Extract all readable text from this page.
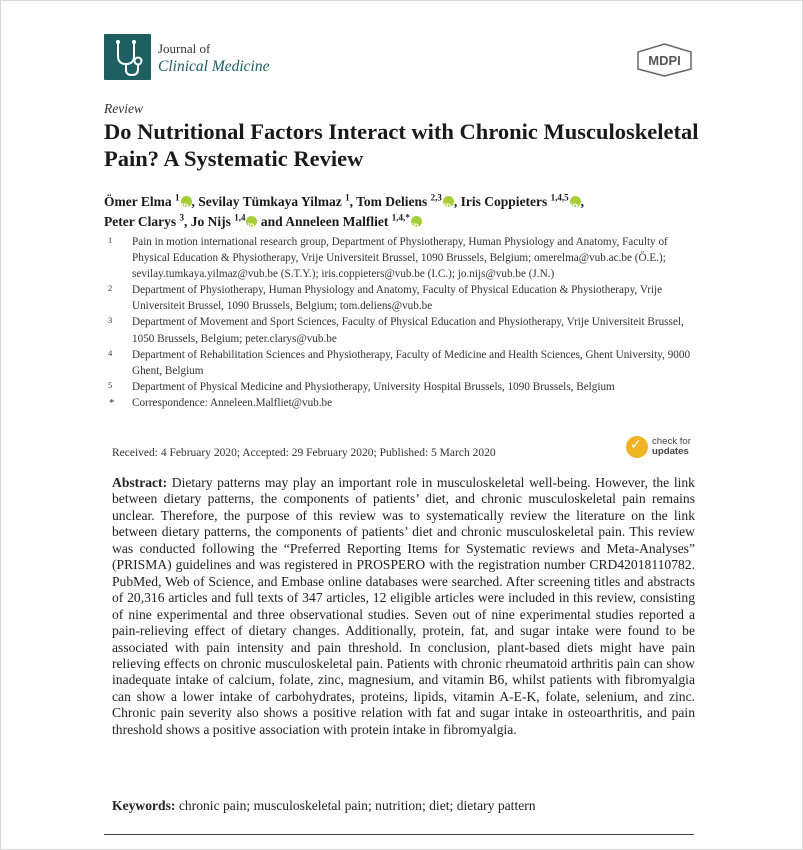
Journal of
Clinical Medicine	MDPI
Review
Do Nutritional Factors Interact with Chronic Musculoskeletal Pain? A Systematic Review
Ömer Elma $^1$ iD , Sevilay Tümkaya Yilmaz $^1$, Tom Deliens $^{2,3}$ iD , Iris Coppieters $^{1,4,5}$ iD ,
Peter Clarys $^3$, Jo Nijs $^{1,4}$iD and Anneleen Malfliet $^{1,4,*}$iD
1 Pain in motion international research group, Department of Physiotherapy, Human Physiology and Anatomy, Faculty of Physical Education & Physiotherapy, Vrije Universiteit Brussel, 1090 Brussels, Belgium; omerelma@vub.ac.be (Ö.E.); sevilay.tumkaya.yilmaz@vub.be (S.T.Y.); iris.coppieters@vub.be (I.C.); jo.nijs@vub.be (J.N.)
2 Department of Physiotherapy, Human Physiology and Anatomy, Faculty of Physical Education & Physiotherapy, Vrije Universiteit Brussel, 1090 Brussels, Belgium; tom.deliens@vub.be
3 Department of Movement and Sport Sciences, Faculty of Physical Education and Physiotherapy, Vrije Universiteit Brussel, 1050 Brussels, Belgium; peter.clarys@vub.be
4 Department of Rehabilitation Sciences and Physiotherapy, Faculty of Medicine and Health Sciences, Ghent University, 9000 Ghent, Belgium
5 Department of Physical Medicine and Physiotherapy, University Hospital Brussels, 1090 Brussels, Belgium
* Correspondence: Anneleen.Malfliet@vub.be
Received: 4 February 2020; Accepted: 29 February 2020; Published: 5 March 2020	✓ check for
updates
Abstract: Dietary patterns may play an important role in musculoskeletal well-being. However, the link between dietary patterns, the components of patients’ diet, and chronic musculoskeletal pain remains unclear. Therefore, the purpose of this review was to systematically review the literature on the link between dietary patterns, the components of patients’ diet and chronic musculoskeletal pain. This review was conducted following the “Preferred Reporting Items for Systematic reviews and Meta-Analyses” (PRISMA) guidelines and was registered in PROSPERO with the registration number CRD42018110782. PubMed, Web of Science, and Embase online databases were searched. After screening titles and abstracts of 20,316 articles and full texts of 347 articles, 12 eligible articles were included in this review, consisting of nine experimental and three observational studies. Seven out of nine experimental studies reported a pain-relieving effect of dietary changes. Additionally, protein, fat, and sugar intake were found to be associated with pain intensity and pain threshold. In conclusion, plant-based diets might have pain relieving effects on chronic musculoskeletal pain. Patients with chronic rheumatoid arthritis pain can show inadequate intake of calcium, folate, zinc, magnesium, and vitamin B6, whilst patients with fibromyalgia can show a lower intake of carbohydrates, proteins, lipids, vitamin A-E-K, folate, selenium, and zinc. Chronic pain severity also shows a positive relation with fat and sugar intake in osteoarthritis, and pain threshold shows a positive association with protein intake in fibromyalgia.
Keywords: chronic pain; musculoskeletal pain; nutrition; diet; dietary pattern
